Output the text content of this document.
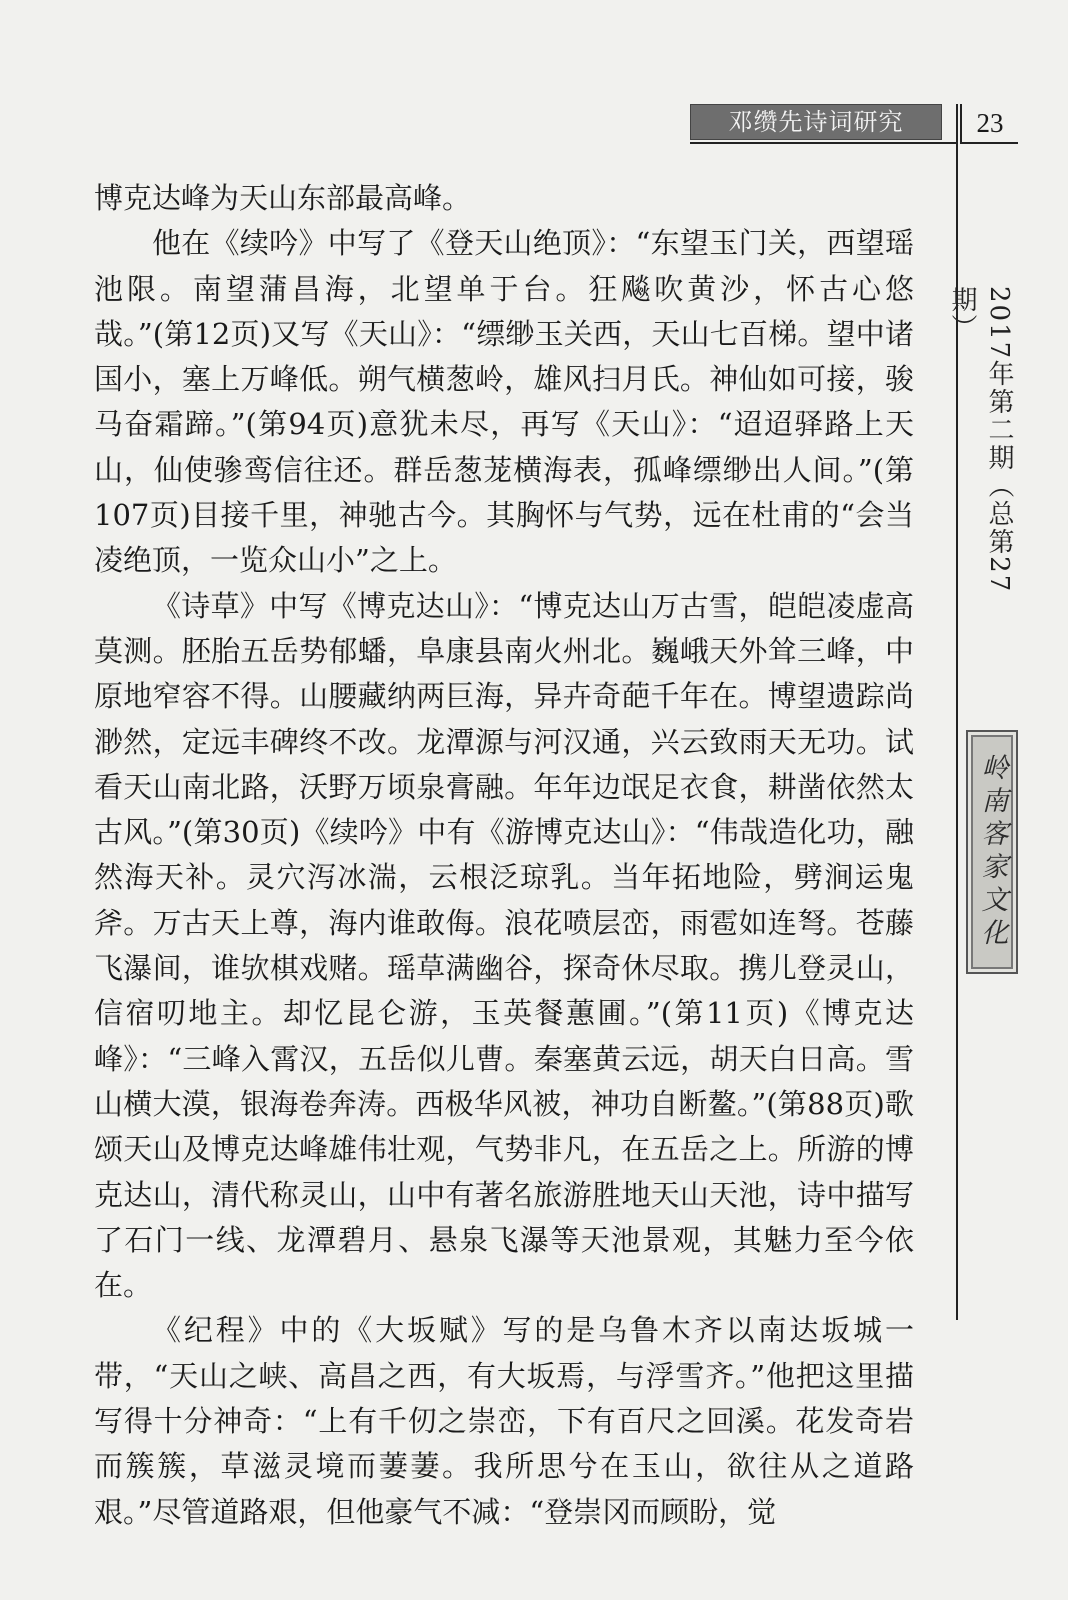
邓缵先诗词研究	23
2017年第二期（总第27期）
岭南客家文化

博克达峰为天山东部最高峰。

他在《续吟》中写了《登天山绝顶》：“东望玉门关，西望瑶池限。南望蒲昌海，北望单于台。狂飚吹黄沙，怀古心悠哉。”(第12页)又写《天山》：“缥缈玉关西，天山七百梯。望中诸国小，塞上万峰低。朔气横葱岭，雄风扫月氏。神仙如可接，骏马奋霜蹄。”(第94页)意犹未尽，再写《天山》：“迢迢驿路上天山，仙使骖鸾信往还。群岳葱茏横海表，孤峰缥缈出人间。”(第107页)目接千里，神驰古今。其胸怀与气势，远在杜甫的“会当凌绝顶，一览众山小”之上。

《诗草》中写《博克达山》：“博克达山万古雪，皑皑凌虚高莫测。胚胎五岳势郁蟠，阜康县南火州北。巍峨天外耸三峰，中原地窄容不得。山腰藏纳两巨海，异卉奇葩千年在。博望遗踪尚渺然，定远丰碑终不改。龙潭源与河汉通，兴云致雨天无功。试看天山南北路，沃野万顷泉膏融。年年边氓足衣食，耕凿依然太古风。”(第30页)《续吟》中有《游博克达山》：“伟哉造化功，融然海天补。灵穴泻冰湍，云根泛琼乳。当年拓地险，劈涧运鬼斧。万古天上尊，海内谁敢侮。浪花喷层峦，雨雹如连弩。苍藤飞瀑间，谁欤棋戏赌。瑶草满幽谷，探奇休尽取。携儿登灵山，信宿叨地主。却忆昆仑游，玉英餐蕙圃。”(第11页)《博克达峰》：“三峰入霄汉，五岳似儿曹。秦塞黄云远，胡天白日高。雪山横大漠，银海卷奔涛。西极华风被，神功自断鳌。”(第88页)歌颂天山及博克达峰雄伟壮观，气势非凡，在五岳之上。所游的博克达山，清代称灵山，山中有著名旅游胜地天山天池，诗中描写了石门一线、龙潭碧月、悬泉飞瀑等天池景观，其魅力至今依在。

《纪程》中的《大坂赋》写的是乌鲁木齐以南达坂城一带，“天山之峡、高昌之西，有大坂焉，与浮雪齐。”他把这里描写得十分神奇：“上有千仞之崇峦，下有百尺之回溪。花发奇岩而簇簇，草滋灵境而萋萋。我所思兮在玉山，欲往从之道路艰。”尽管道路艰，但他豪气不减：“登崇冈而顾盼，觉
